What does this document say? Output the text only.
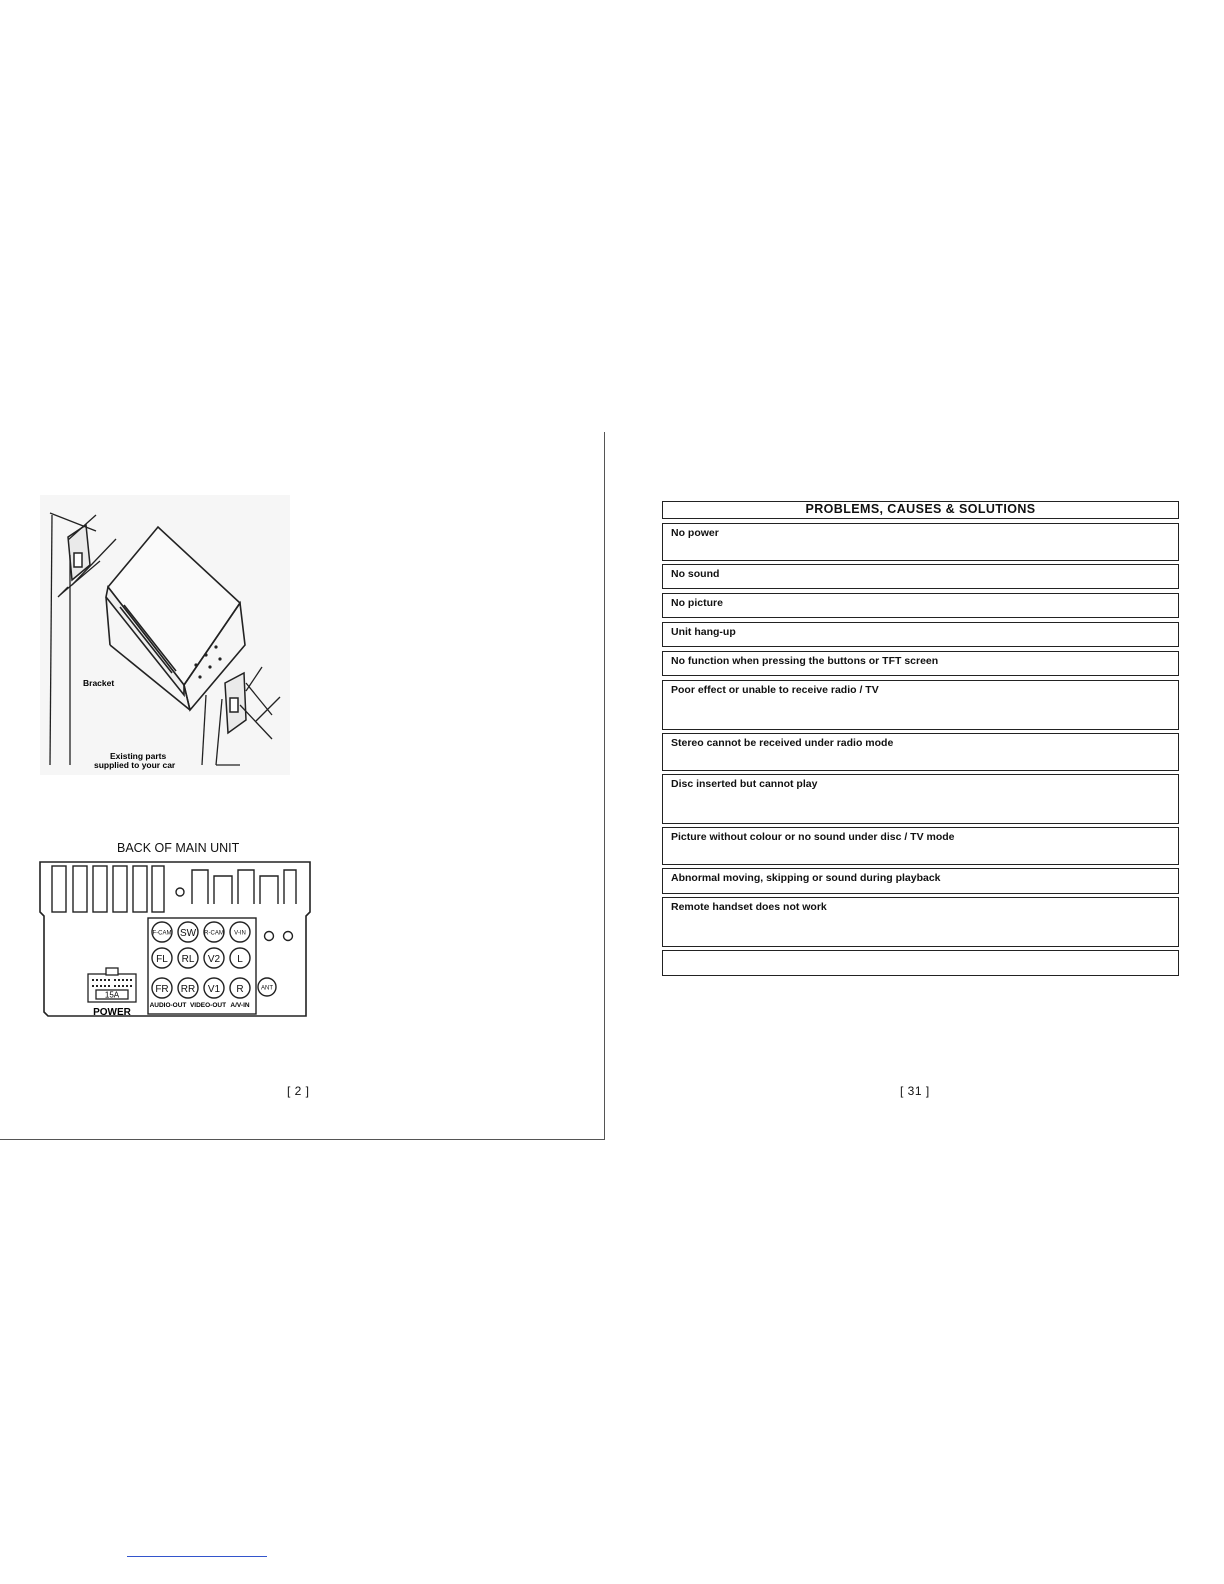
Bracket
Existing parts
supplied to your car
BACK OF MAIN UNIT
F-CAM SW R-CAM V-IN
FL RL V2 L
FR RR V1 R	ANT
15A
POWER
AUDIO-OUT VIDEO-OUT A/V-IN
[ 2 ]
PROBLEMS, CAUSES & SOLUTIONS
No power
No sound
No picture
Unit hang-up
No function when pressing the buttons or TFT screen
Poor effect or unable to receive radio / TV
Stereo cannot be received under radio mode
Disc inserted but cannot play
Picture without colour or no sound under disc / TV mode
Abnormal moving, skipping or sound during playback
Remote handset does not work
[ 31 ]
